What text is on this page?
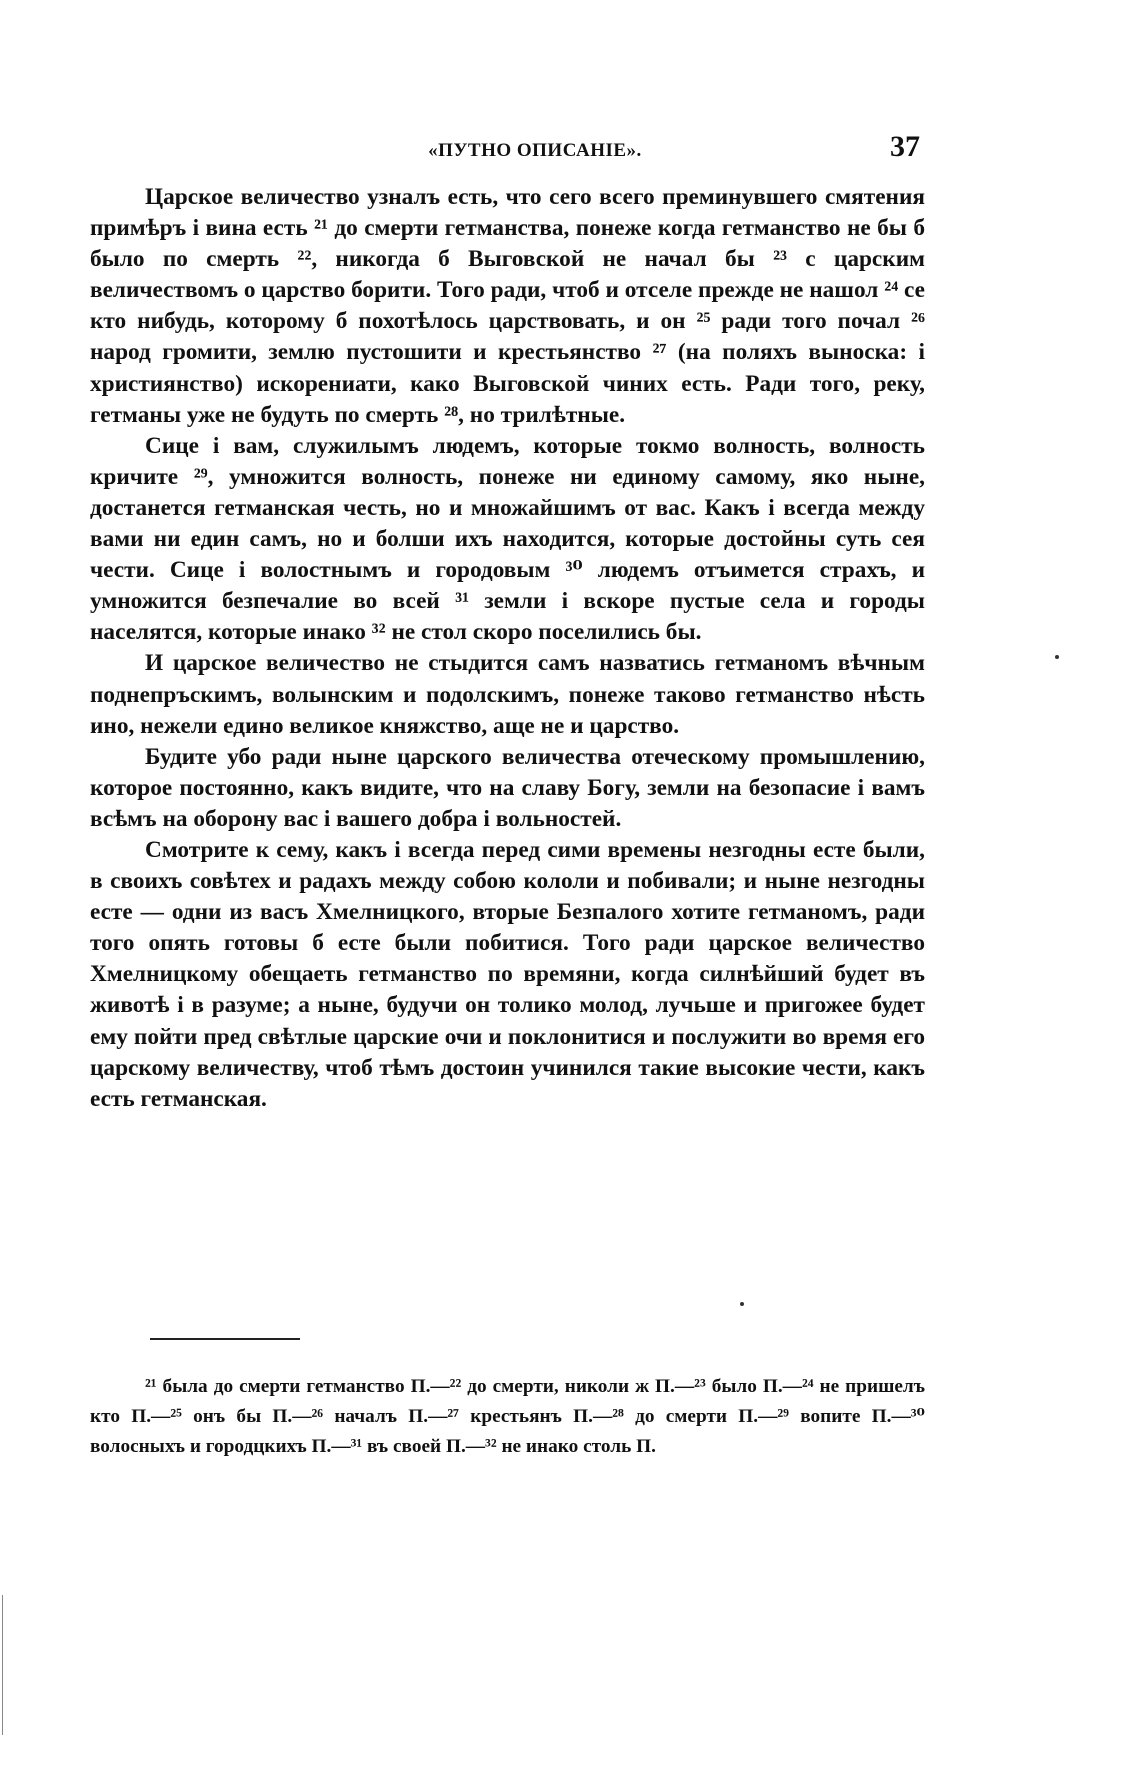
«ПУТНО ОПИСАНІЕ».	37

Царское величество узналъ есть, что сего всего преминувшего смятения примѣръ і вина есть ²¹ до смерти гетманства, понеже когда гетманство не бы б было по смерть ²², никогда б Выговской не начал бы ²³ с царским величествомъ о царство борити. Того ради, чтоб и отселе прежде не нашол ²⁴ се кто нибудь, которому б похотѣлось царствовать, и он ²⁵ ради того почал ²⁶ народ громити, землю пустошити и крестьянство ²⁷ (на поляхъ выноска: і християнство) искорениати, како Выговской чиних есть. Ради того, реку, гетманы уже не будуть по смерть ²⁸, но трилѣтные.

Сице і вам, служилымъ людемъ, которые токмо волность, волность кричите ²⁹, умножится волность, понеже ни единому самому, яко ныне, достанется гетманская честь, но и множайшимъ от вас. Какъ і всегда между вами ни един самъ, но и болши ихъ находится, которые достойны суть сея чести. Сице і волостнымъ и городовым ³⁰ людемъ отъимется страхъ, и умножится безпечалие во всей ³¹ земли і вскоре пустые села и городы населятся, которые инако ³² не стол скоро поселились бы.

И царское величество не стыдится самъ назватись гетманомъ вѣчным поднепръскимъ, волынским и подолскимъ, понеже таково гетманство нѣсть ино, нежели едино великое княжство, аще не и царство.

Будите убо ради ныне царского величества отеческому промышлению, которое постоянно, какъ видите, что на славу Богу, земли на безопасие і вамъ всѣмъ на оборону вас і вашего добра і вольностей.

Смотрите к сему, какъ і всегда перед сими времены незгодны есте были, в своихъ совѣтех и радахъ между собою кололи и побивали; и ныне незгодны есте — одни из васъ Хмелницкого, вторые Безпалого хотите гетманомъ, ради того опять готовы б есте были побитися. Того ради царское величество Хмелницкому обещаеть гетманство по времяни, когда силнѣйший будет въ животѣ і в разуме; а ныне, будучи он толико молод, лучьше и пригожее будет ему пойти пред свѣтлые царские очи и поклонитися и послужити во время его царскому величеству, чтоб тѣмъ достоин учинился такие высокие чести, какъ есть гетманская.

²¹ была до смерти гетманство П.—²² до смерти, николи ж П.—²³ было П.—²⁴ не пришелъ кто П.—²⁵ онъ бы П.—²⁶ началъ П.—²⁷ крестьянъ П.—²⁸ до смерти П.—²⁹ вопите П.—³⁰ волосныхъ и городцкихъ П.—³¹ въ своей П.—³² не инако столь П.
